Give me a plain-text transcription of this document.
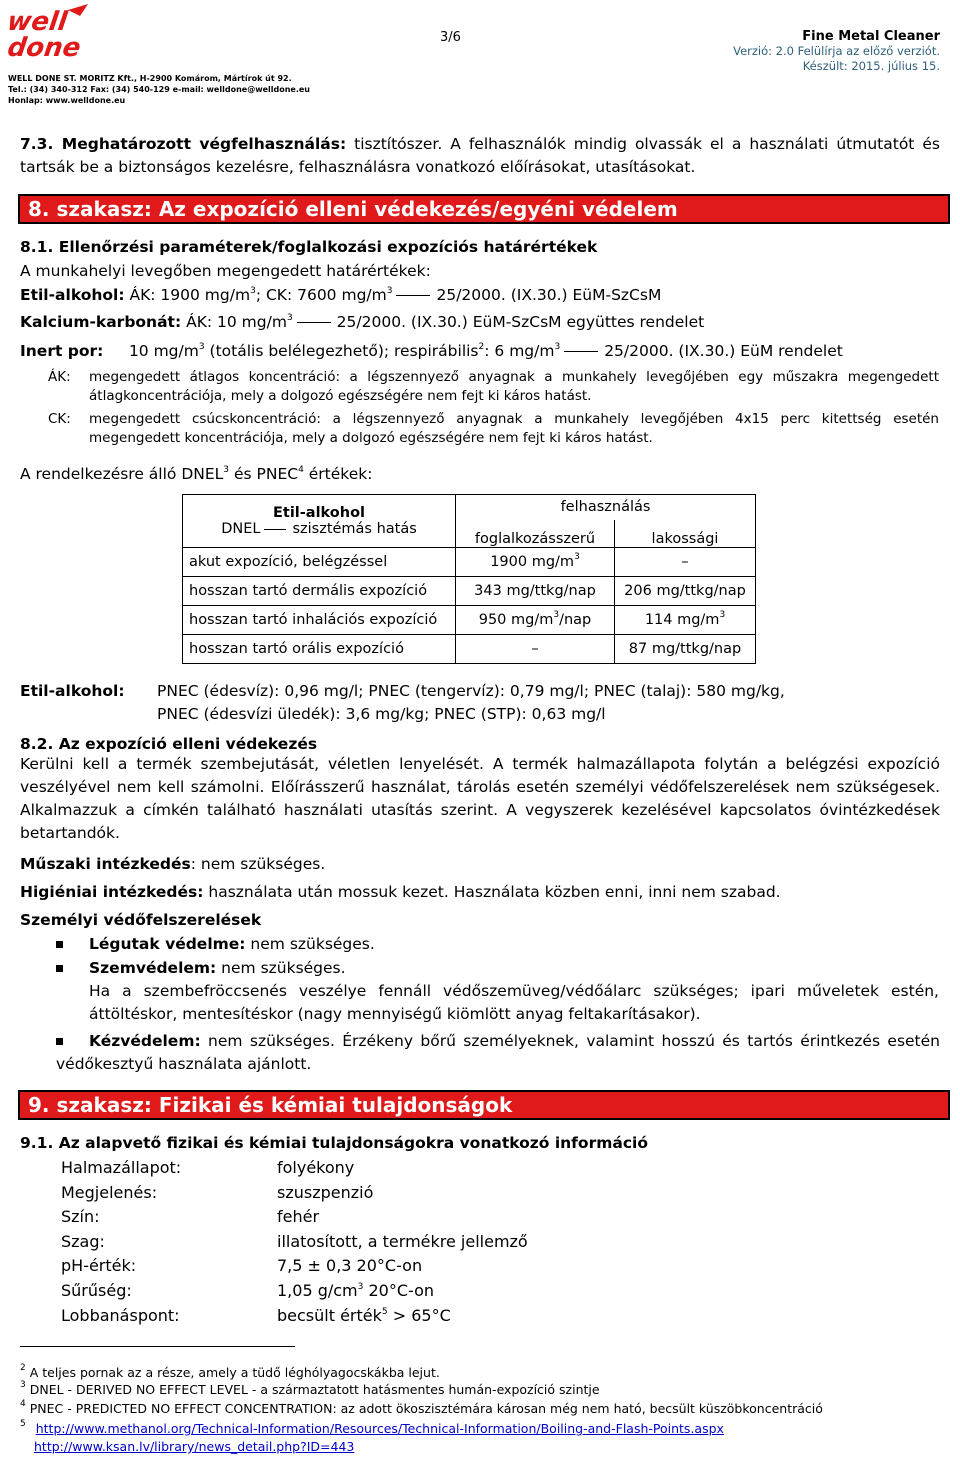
well
done
WELL DONE ST. MORITZ Kft., H-2900 Komárom, Mártírok út 92.
Tel.: (34) 340-312 Fax: (34) 540-129 e-mail: welldone@welldone.eu
Honlap: www.welldone.eu
3/6	Fine Metal Cleaner
Verzió: 2.0 Felülírja az előző verziót.
Készült: 2015. július 15.
7.3. Meghatározott végfelhasználás: tisztítószer. A felhasználók mindig olvassák el a használati útmutatót és tartsák be a biztonságos kezelésre, felhasználásra vonatkozó előírásokat, utasításokat.
8. szakasz: Az expozíció elleni védekezés/egyéni védelem
8.1. Ellenőrzési paraméterek/foglalkozási expozíciós határértékek
A munkahelyi levegőben megengedett határértékek:
Etil-alkohol: ÁK: 1900 $mg/m^3$; CK: 7600 $mg/m^3$	25/2000. (IX.30.) EüM-SzCsM
Kalcium-karbonát: ÁK: 10 $mg/m^3$	25/2000. (IX.30.) EüM-SzCsM együttes rendelet
Inert por: 10 $mg/m^3$ (totális belélegezhető); respirábilis$^2$: 6 $mg/m^3$	25/2000. (IX.30.) EüM rendelet
ÁK:	megengedett átlagos koncentráció: a légszennyező anyagnak a munkahely levegőjében egy műszakra megengedett átlagkoncentrációja, mely a dolgozó egészségére nem fejt ki káros hatást.
CK:	megengedett csúcskoncentráció: a légszennyező anyagnak a munkahely levegőjében 4x15 perc kitettség esetén megengedett koncentrációja, mely a dolgozó egészségére nem fejt ki káros hatást.
A rendelkezésre álló DNEL$^3$ és PNEC$^4$ értékek:
Etil-alkohol
DNEL szisztémás hatás	felhasználás	
	foglalkozásszerű	lakossági
akut expozíció, belégzéssel	1900 $mg/m^3$	–
hosszan tartó dermális expozíció	343 mg/ttkg/nap	206 mg/ttkg/nap
hosszan tartó inhalációs expozíció	950 $mg/m^3$/nap	114 $mg/m^3$
hosszan tartó orális expozíció	–	87 mg/ttkg/nap
Etil-alkohol: PNEC (édesvíz): 0,96 mg/l; PNEC (tengervíz): 0,79 mg/l; PNEC (talaj): 580 mg/kg,
PNEC (édesvízi üledék): 3,6 mg/kg; PNEC (STP): 0,63 mg/l
8.2. Az expozíció elleni védekezés
Kerülni kell a termék szembejutását, véletlen lenyelését. A termék halmazállapota folytán a belégzési expozíció veszélyével nem kell számolni. Előírásszerű használat, tárolás esetén személyi védőfelszerelések nem szükségesek. Alkalmazzuk a címkén található használati utasítás szerint. A vegyszerek kezelésével kapcsolatos óvintézkedések betartandók.
Műszaki intézkedés: nem szükséges.
Higiéniai intézkedés: használata után mossuk kezet. Használata közben enni, inni nem szabad.
Személyi védőfelszerelések
Légutak védelme: nem szükséges.
Szemvédelem: nem szükséges.
Ha a szembefröccsenés veszélye fennáll védőszemüveg/védőálarc szükséges; ipari műveletek estén, áttöltéskor, mentesítéskor (nagy mennyiségű kiömlött anyag feltakarításakor).
Kézvédelem: nem szükséges. Érzékeny bőrű személyeknek, valamint hosszú és tartós érintkezés esetén védőkesztyű használata ajánlott.
9. szakasz: Fizikai és kémiai tulajdonságok
9.1. Az alapvető fizikai és kémiai tulajdonságokra vonatkozó információ
Halmazállapot:	folyékony
Megjelenés:	szuszpenzió
Szín:	fehér
Szag:	illatosított, a termékre jellemző
pH-érték:	7,5 ± 0,3 20°C-on
Sűrűség:	1,05 $g/cm^3$ 20°C-on
Lobbanáspont:	becsült érték$^5$ > 65°C
$^2$ A teljes pornak az a része, amely a tüdő léghólyagocskákba lejut.
$^3$ DNEL - DERIVED NO EFFECT LEVEL - a származtatott hatásmentes humán-expozíció szintje
$^4$ PNEC - PREDICTED NO EFFECT CONCENTRATION: az adott ökoszisztémára károsan még nem ható, becsült küszöbkoncentráció
$^5$ http://www.methanol.org/Technical-Information/Resources/Technical-Information/Boiling-and-Flash-Points.aspx
http://www.ksan.lv/library/news_detail.php?ID=443
